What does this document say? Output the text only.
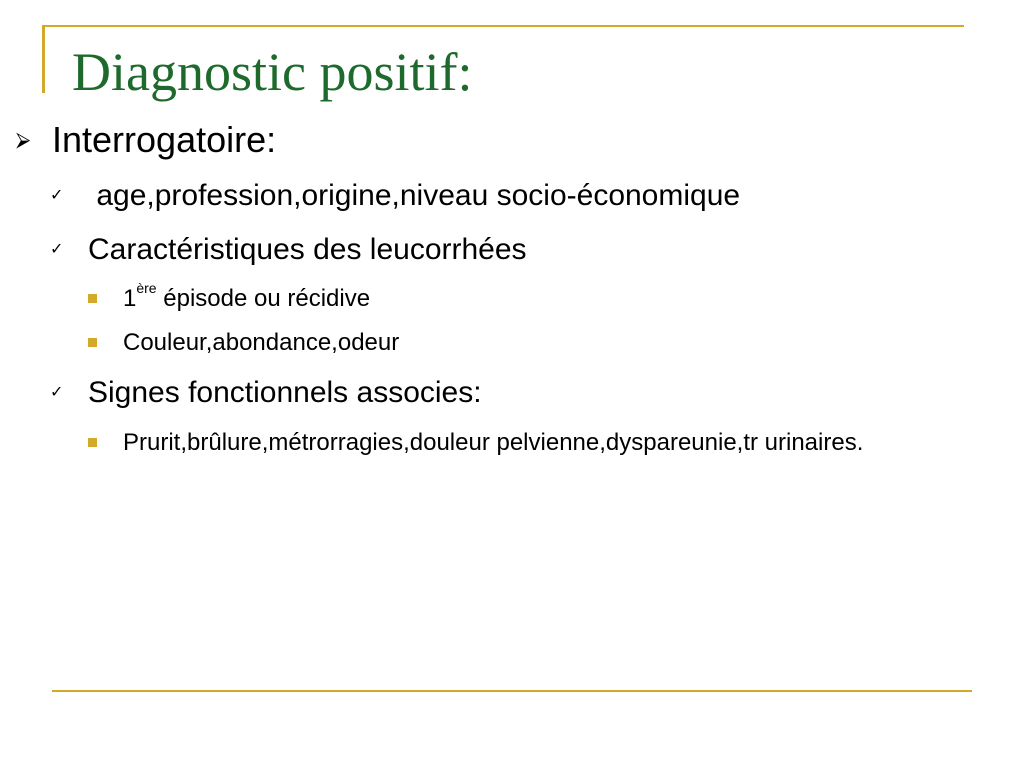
Diagnostic positif:
⮚ Interrogatoire:
✓ age,profession,origine,niveau socio-économique
✓ Caractéristiques des leucorrhées
1ère épisode ou récidive
Couleur,abondance,odeur
✓ Signes fonctionnels associes:
Prurit,brûlure,métrorragies,douleur pelvienne,dyspareunie,tr urinaires.
